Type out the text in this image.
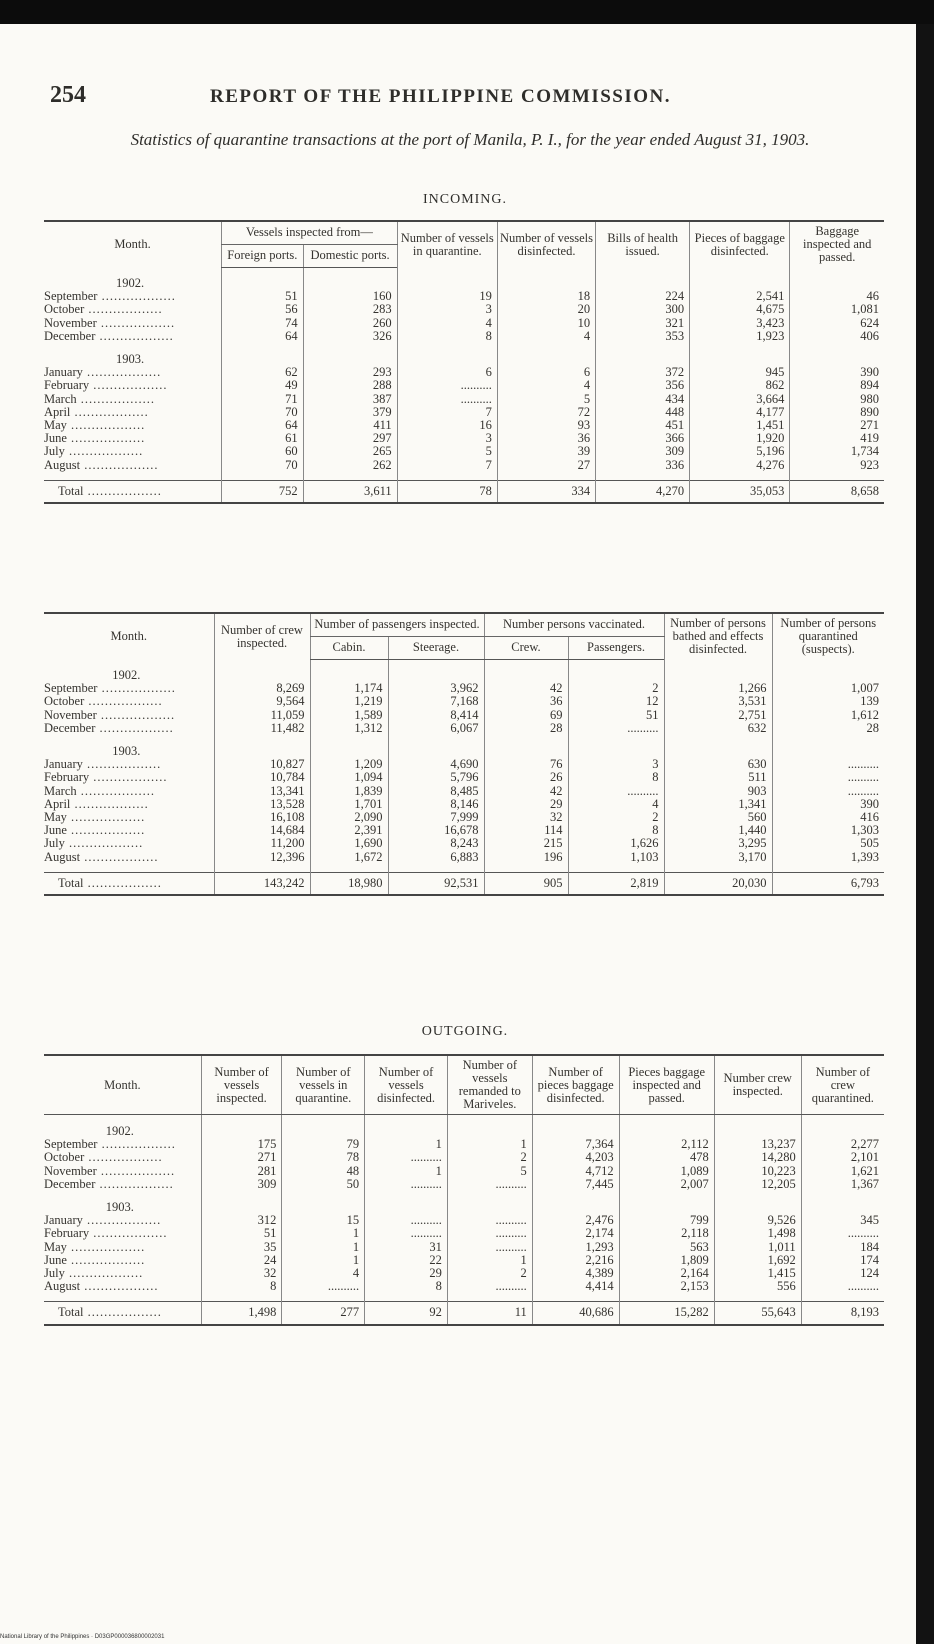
254	REPORT OF THE PHILIPPINE COMMISSION.
Statistics of quarantine transactions at the port of Manila, P. I., for the year ended August 31, 1903.
INCOMING.
Month.	Vessels inspected from—		Number of vessels in quarantine.	Number of vessels disinfected.	Bills of health issued.	Pieces of baggage disinfected.	Baggage inspected and passed.
	Foreign ports.	Domestic ports.					
1902.							
September .....	51	160	19	18	224	2,541	46
October .....	56	283	3	20	300	4,675	1,081
November .....	74	260	4	10	321	3,423	624
December .....	64	326	8	4	353	1,923	406
1903.							
January .....	62	293	6	6	372	945	390
February .....	49	288	..........	4	356	862	894
March .....	71	387	..........	5	434	3,664	980
April .....	70	379	7	72	448	4,177	890
May .....	64	411	16	93	451	1,451	271
June .....	61	297	3	36	366	1,920	419
July .....	60	265	5	39	309	5,196	1,734
August .....	70	262	7	27	336	4,276	923

Total .....	752	3,611	78	334	4,270	35,053	8,658
Month.	Number of crew inspected.	Number of passengers inspected.		Number persons vaccinated.		Number of persons bathed and effects disinfected.	Number of persons quarantined (suspects).
		Cabin.	Steerage.	Crew.	Passengers.		
1902.							
September .....	8,269	1,174	3,962	42	2	1,266	1,007
October .....	9,564	1,219	7,168	36	12	3,531	139
November .....	11,059	1,589	8,414	69	51	2,751	1,612
December .....	11,482	1,312	6,067	28	..........	632	28
1903.							
January .....	10,827	1,209	4,690	76	3	630	..........
February .....	10,784	1,094	5,796	26	8	511	..........
March .....	13,341	1,839	8,485	42	..........	903	..........
April .....	13,528	1,701	8,146	29	4	1,341	390
May .....	16,108	2,090	7,999	32	2	560	416
June .....	14,684	2,391	16,678	114	8	1,440	1,303
July .....	11,200	1,690	8,243	215	1,626	3,295	505
August .....	12,396	1,672	6,883	196	1,103	3,170	1,393

Total .....	143,242	18,980	92,531	905	2,819	20,030	6,793
OUTGOING.
Month.	Number of vessels inspected.	Number of vessels in quarantine.	Number of vessels disinfected.	Number of vessels remanded to Mariveles.	Number of pieces baggage disinfected.	Pieces baggage inspected and passed.	Number crew inspected.	Number of crew quarantined.
1902.								
September .....	175	79	1	1	7,364	2,112	13,237	2,277
October .....	271	78	..........	2	4,203	478	14,280	2,101
November .....	281	48	1	5	4,712	1,089	10,223	1,621
December .....	309	50	..........	..........	7,445	2,007	12,205	1,367
1903.								
January .....	312	15	..........	..........	2,476	799	9,526	345
February .....	51	1	..........	..........	2,174	2,118	1,498	..........
May .....	35	1	31	..........	1,293	563	1,011	184
June .....	24	1	22	1	2,216	1,809	1,692	174
July .....	32	4	29	2	4,389	2,164	1,415	124
August .....	8	..........	8	..........	4,414	2,153	556	..........

Total .....	1,498	277	92	11	40,686	15,282	55,643	8,193
National Library of the Philippines · D03GP000036800002031
